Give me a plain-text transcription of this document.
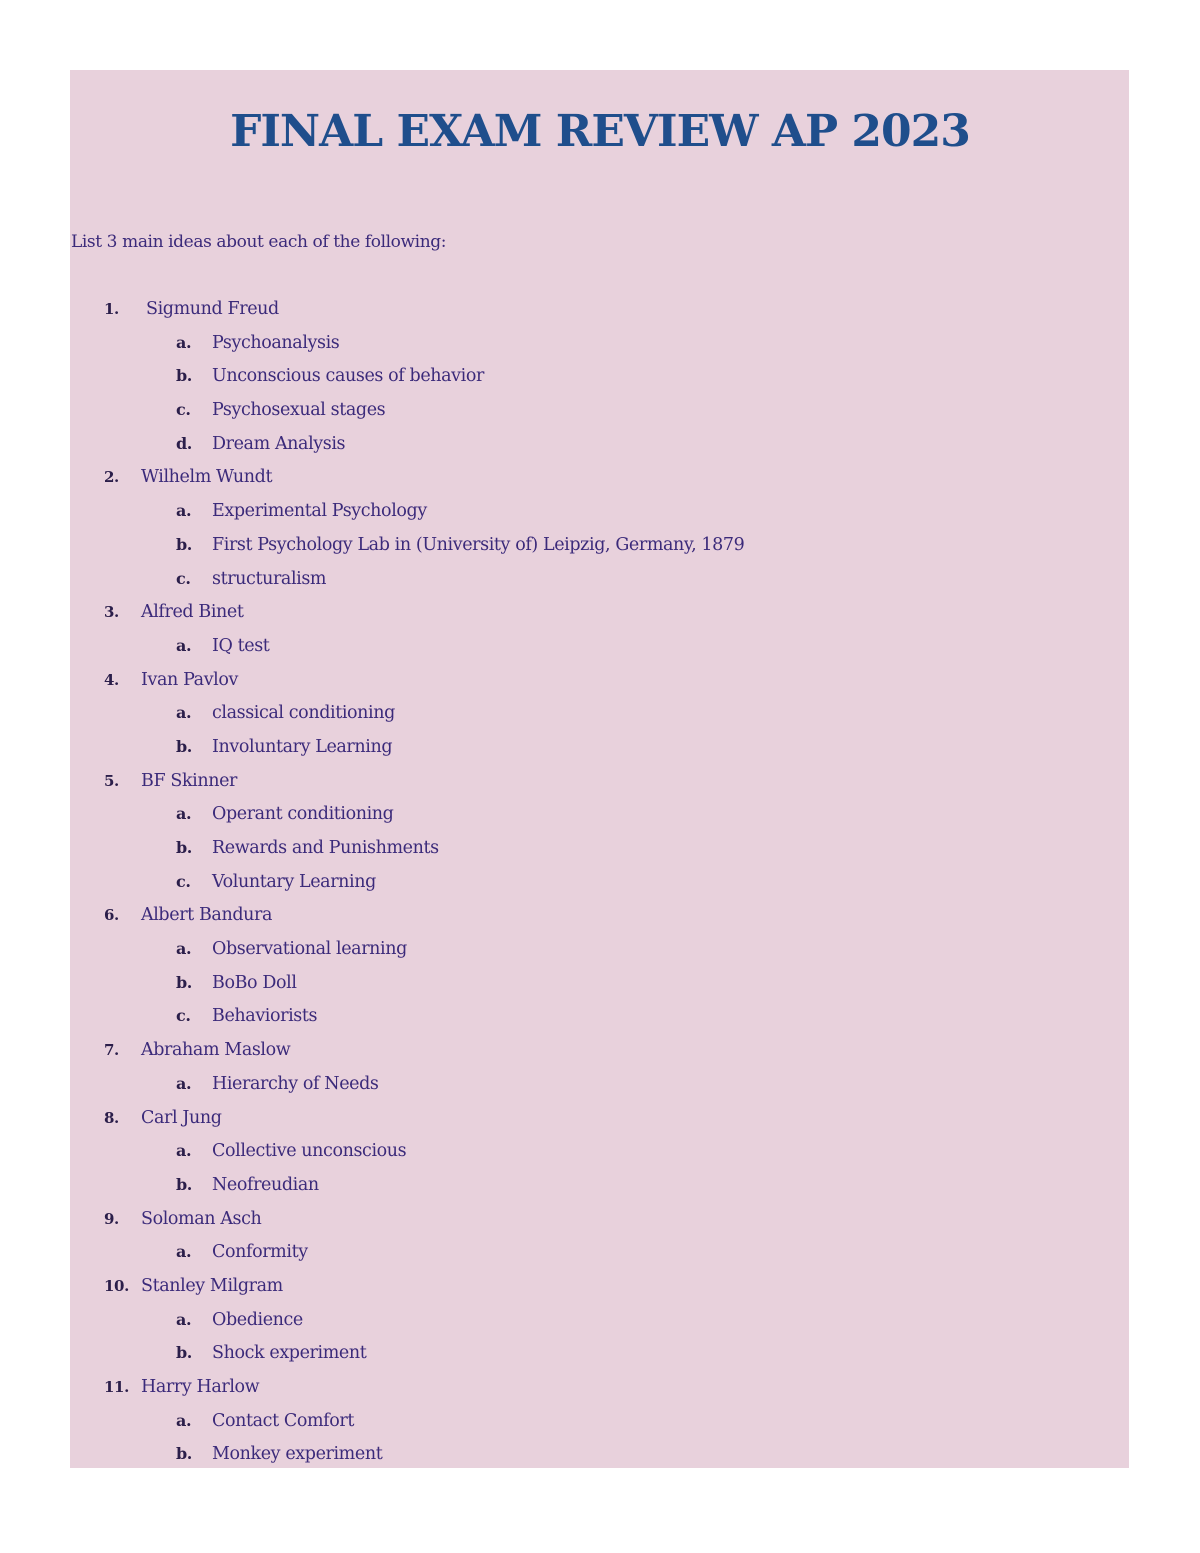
FINAL EXAM REVIEW AP 2023
List 3 main ideas about each of the following:
1. Sigmund Freud
a. Psychoanalysis
b. Unconscious causes of behavior
c. Psychosexual stages
d. Dream Analysis
2. Wilhelm Wundt
a. Experimental Psychology
b. First Psychology Lab in (University of) Leipzig, Germany, 1879
c. structuralism
3. Alfred Binet
a. IQ test
4. Ivan Pavlov
a. classical conditioning
b. Involuntary Learning
5. BF Skinner
a. Operant conditioning
b. Rewards and Punishments
c. Voluntary Learning
6. Albert Bandura
a. Observational learning
b. BoBo Doll
c. Behaviorists
7. Abraham Maslow
a. Hierarchy of Needs
8. Carl Jung
a. Collective unconscious
b. Neofreudian
9. Soloman Asch
a. Conformity
10. Stanley Milgram
a. Obedience
b. Shock experiment
11. Harry Harlow
a. Contact Comfort
b. Monkey experiment
